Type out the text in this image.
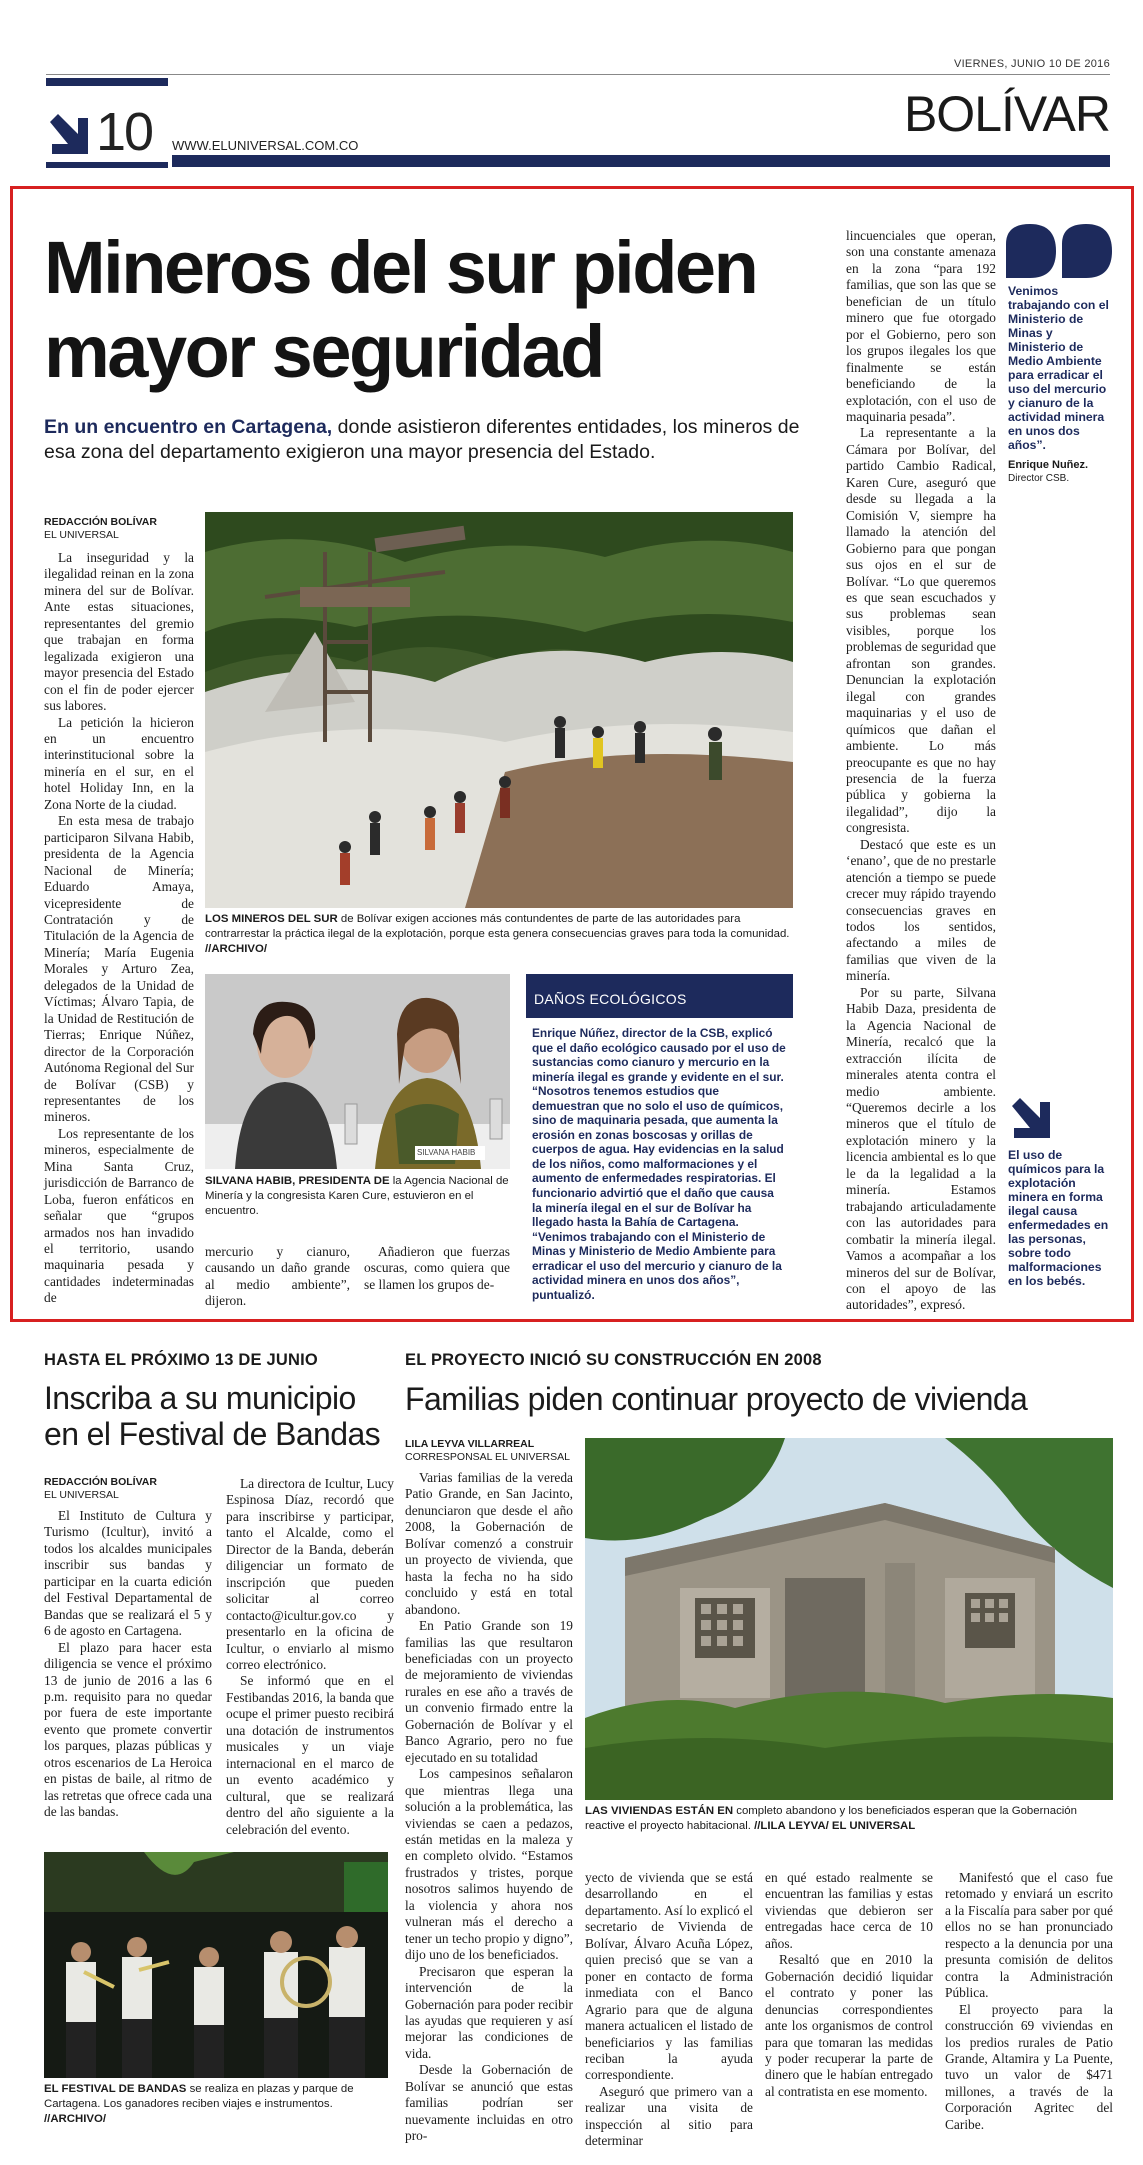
VIERNES, JUNIO 10 DE 2016
10 WWW.ELUNIVERSAL.COM.CO
BOLÍVAR
Mineros del sur piden
mayor seguridad
En un encuentro en Cartagena, donde asistieron diferentes entidades, los mineros de esa zona del departamento exigieron una mayor presencia del Estado.
REDACCIÓN BOLÍVAR
EL UNIVERSAL

La inseguridad y la ilegalidad reinan en la zona minera del sur de Bolívar. Ante estas situaciones, representantes del gremio que trabajan en forma legalizada exigieron una mayor presencia del Estado con el fin de poder ejercer sus labores.

La petición la hicieron en un encuentro interinstitucional sobre la minería en el sur, en el hotel Holiday Inn, en la Zona Norte de la ciudad.

En esta mesa de trabajo participaron Silvana Habib, presidenta de la Agencia Nacional de Minería; Eduardo Amaya, vicepresidente de Contratación y de Titulación de la Agencia de Minería; María Eugenia Morales y Arturo Zea, delegados de la Unidad de Víctimas; Álvaro Tapia, de la Unidad de Restitución de Tierras; Enrique Núñez, director de la Corporación Autónoma Regional del Sur de Bolívar (CSB) y representantes de los mineros.

Los representante de los mineros, especialmente de Mina Santa Cruz, jurisdicción de Barranco de Loba, fueron enfáticos en señalar que “grupos armados nos han invadido el territorio, usando maquinaria pesada y cantidades indeterminadas de

LOS MINEROS DEL SUR de Bolívar exigen acciones más contundentes de parte de las autoridades para contrarrestar la práctica ilegal de la explotación, porque esta genera consecuencias graves para toda la comunidad. //ARCHIVO/
SILVANA HABIB
SILVANA HABIB, PRESIDENTA DE la Agencia Nacional de Minería y la congresista Karen Cure, estuvieron en el encuentro.

mercurio y cianuro, causando un daño grande al medio ambiente”, dijeron.

Añadieron que fuerzas oscuras, como quiera que se llamen los grupos de-

DAÑOS ECOLÓGICOS
Enrique Núñez, director de la CSB, explicó que el daño ecológico causado por el uso de sustancias como cianuro y mercurio en la minería ilegal es grande y evidente en el sur. “Nosotros tenemos estudios que demuestran que no solo el uso de químicos, sino de maquinaria pesada, que aumenta la erosión en zonas boscosas y orillas de cuerpos de agua. Hay evidencias en la salud de los niños, como malformaciones y el aumento de enfermedades respiratorias. El funcionario advirtió que el daño que causa la minería ilegal en el sur de Bolívar ha llegado hasta la Bahía de Cartagena. “Venimos trabajando con el Ministerio de Minas y Ministerio de Medio Ambiente para erradicar el uso del mercurio y cianuro de la actividad minera en unos dos años”, puntualizó.

lincuenciales que operan, son una constante amenaza en la zona “para 192 familias, que son las que se benefician de un título minero que fue otorgado por el Gobierno, pero son los grupos ilegales los que finalmente se están beneficiando de la explotación, con el uso de maquinaria pesada”.

La representante a la Cámara por Bolívar, del partido Cambio Radical, Karen Cure, aseguró que desde su llegada a la Comisión V, siempre ha llamado la atención del Gobierno para que pongan sus ojos en el sur de Bolívar. “Lo que queremos es que sean escuchados y sus problemas sean visibles, porque los problemas de seguridad que afrontan son grandes. Denuncian la explotación ilegal con grandes maquinarias y el uso de químicos que dañan el ambiente. Lo más preocupante es que no hay presencia de la fuerza pública y gobierna la ilegalidad”, dijo la congresista.

Destacó que este es un ‘enano’, que de no prestarle atención a tiempo se puede crecer muy rápido trayendo consecuencias graves en todos los sentidos, afectando a miles de familias que viven de la minería.

Por su parte, Silvana Habib Daza, presidenta de la Agencia Nacional de Minería, recalcó que la extracción ilícita de minerales atenta contra el medio ambiente. “Queremos decirle a los mineros que el título de explotación minero y la licencia ambiental es lo que le da la legalidad a la minería. Estamos trabajando articuladamente con las autoridades para combatir la minería ilegal. Vamos a acompañar a los mineros del sur de Bolívar, con el apoyo de las autoridades”, expresó.

Venimos trabajando con el Ministerio de Minas y Ministerio de Medio Ambiente para erradicar el uso del mercurio y cianuro de la actividad minera en unos dos años”.
Enrique Nuñez.
Director CSB.
El uso de químicos para la explotación minera en forma ilegal causa enfermedades en las personas, sobre todo malformaciones en los bebés.
HASTA EL PRÓXIMO 13 DE JUNIO
Inscriba a su municipio
en el Festival de Bandas
REDACCIÓN BOLÍVAR
EL UNIVERSAL

El Instituto de Cultura y Turismo (Icultur), invitó a todos los alcaldes municipales inscribir sus bandas y participar en la cuarta edición del Festival Departamental de Bandas que se realizará el 5 y 6 de agosto en Cartagena.

El plazo para hacer esta diligencia se vence el próximo 13 de junio de 2016 a las 6 p.m. requisito para no quedar por fuera de este importante evento que promete convertir los parques, plazas públicas y otros escenarios de La Heroica en pistas de baile, al ritmo de las retretas que ofrece cada una de las bandas.

La directora de Icultur, Lucy Espinosa Díaz, recordó que para inscribirse y participar, tanto el Alcalde, como el Director de la Banda, deberán diligenciar un formato de inscripción que pueden solicitar al correo contacto@icultur.gov.co y presentarlo en la oficina de Icultur, o enviarlo al mismo correo electrónico.

Se informó que en el Festibandas 2016, la banda que ocupe el primer puesto recibirá una dotación de instrumentos musicales y un viaje internacional en el marco de un evento académico y cultural, que se realizará dentro del año siguiente a la celebración del evento.

EL FESTIVAL DE BANDAS se realiza en plazas y parque de Cartagena. Los ganadores reciben viajes e instrumentos. //ARCHIVO/
EL PROYECTO INICIÓ SU CONSTRUCCIÓN EN 2008
Familias piden continuar proyecto de vivienda
LILA LEYVA VILLARREAL
CORRESPONSAL EL UNIVERSAL

Varias familias de la vereda Patio Grande, en San Jacinto, denunciaron que desde el año 2008, la Gobernación de Bolívar comenzó a construir un proyecto de vivienda, que hasta la fecha no ha sido concluido y está en total abandono.

En Patio Grande son 19 familias las que resultaron beneficiadas con un proyecto de mejoramiento de viviendas rurales en ese año a través de un convenio firmado entre la Gobernación de Bolívar y el Banco Agrario, pero no fue ejecutado en su totalidad

Los campesinos señalaron que mientras llega una solución a la problemática, las viviendas se caen a pedazos, están metidas en la maleza y en completo olvido. “Estamos frustrados y tristes, porque nosotros salimos huyendo de la violencia y ahora nos vulneran más el derecho a tener un techo propio y digno”, dijo uno de los beneficiados.

Precisaron que esperan la intervención de la Gobernación para poder recibir las ayudas que requieren y así mejorar las condiciones de vida.

Desde la Gobernación de Bolívar se anunció que estas familias podrían ser nuevamente incluidas en otro pro-

LAS VIVIENDAS ESTÁN EN completo abandono y los beneficiados esperan que la Gobernación reactive el proyecto habitacional. //LILA LEYVA/ EL UNIVERSAL

yecto de vivienda que se está desarrollando en el departamento. Así lo explicó el secretario de Vivienda de Bolívar, Álvaro Acuña López, quien precisó que se van a poner en contacto de forma inmediata con el Banco Agrario para que de alguna manera actualicen el listado de beneficiarios y las familias reciban la ayuda correspondiente.

Aseguró que primero van a realizar una visita de inspección al sitio para determinar

en qué estado realmente se encuentran las familias y estas viviendas que debieron ser entregadas hace cerca de 10 años.

Resaltó que en 2010 la Gobernación decidió liquidar el contrato y poner las denuncias correspondientes ante los organismos de control para que tomaran las medidas y poder recuperar la parte de dinero que le habían entregado al contratista en ese momento.

Manifestó que el caso fue retomado y enviará un escrito a la Fiscalía para saber por qué ellos no se han pronunciado respecto a la denuncia por una presunta comisión de delitos contra la Administración Pública.

El proyecto para la construcción 69 viviendas en los predios rurales de Patio Grande, Altamira y La Puente, tuvo un valor de $471 millones, a través de la Corporación Agritec del Caribe.
